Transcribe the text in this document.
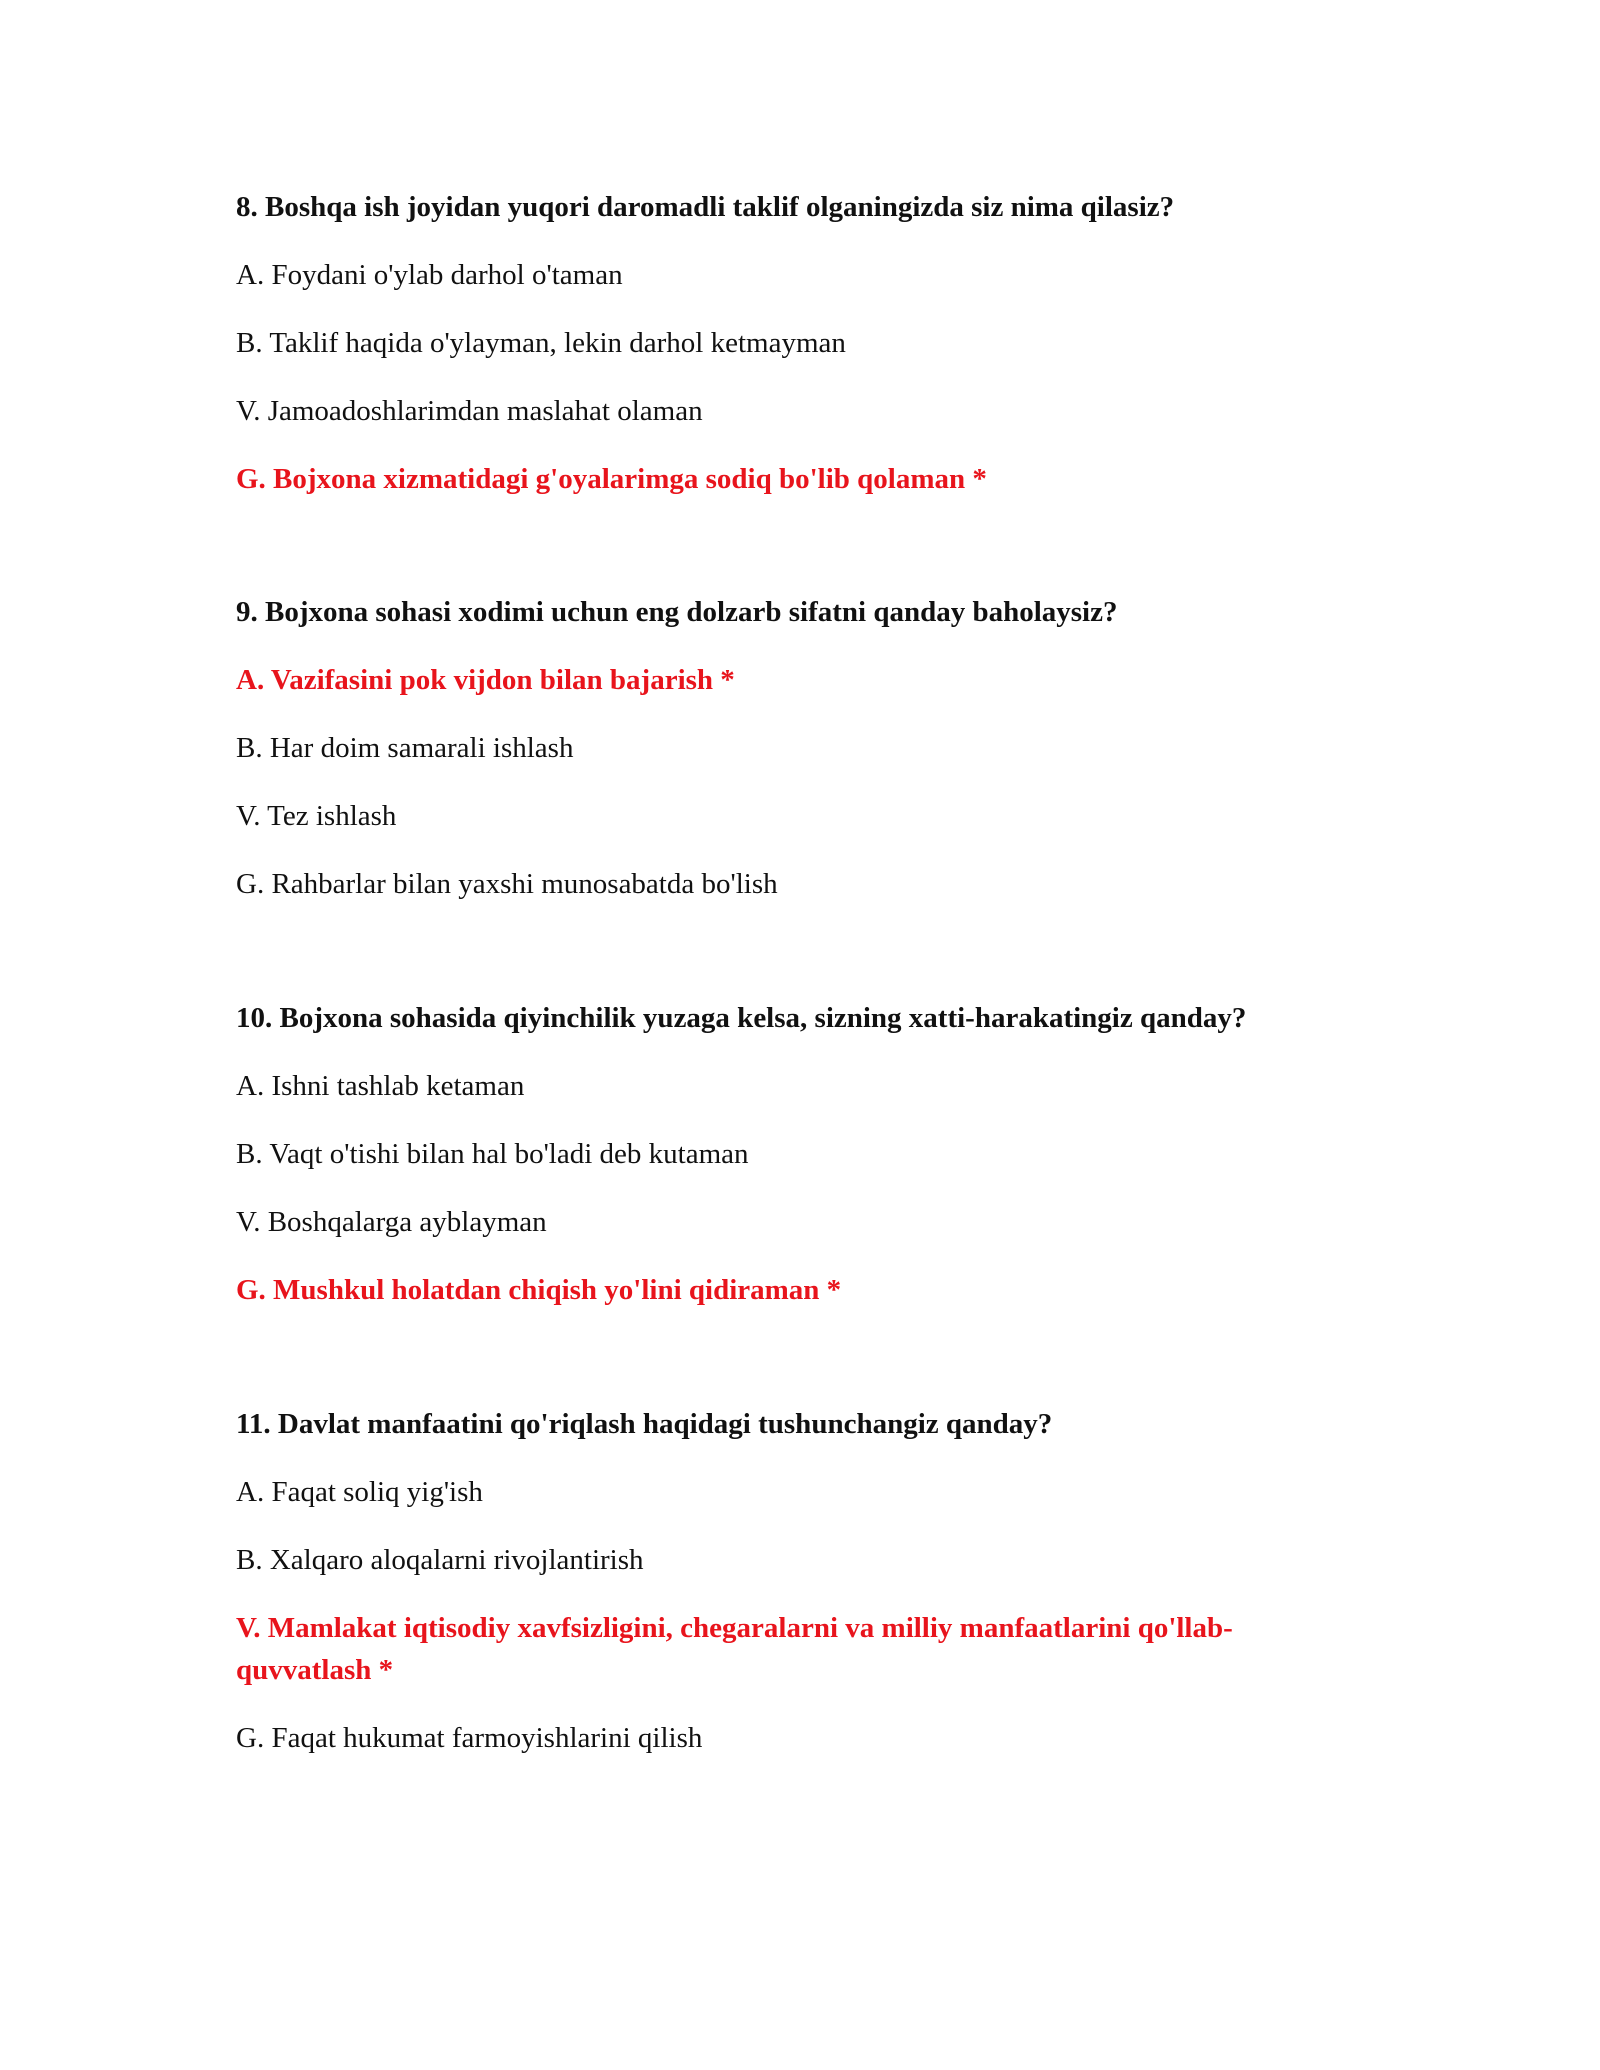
8. Boshqa ish joyidan yuqori daromadli taklif olganingizda siz nima qilasiz?

A. Foydani o'ylab darhol o'taman

B. Taklif haqida o'ylayman, lekin darhol ketmayman

V. Jamoadoshlarimdan maslahat olaman

G. Bojxona xizmatidagi g'oyalarimga sodiq bo'lib qolaman *

9. Bojxona sohasi xodimi uchun eng dolzarb sifatni qanday baholaysiz?

A. Vazifasini pok vijdon bilan bajarish *

B. Har doim samarali ishlash

V. Tez ishlash

G. Rahbarlar bilan yaxshi munosabatda bo'lish

10. Bojxona sohasida qiyinchilik yuzaga kelsa, sizning xatti-harakatingiz qanday?

A. Ishni tashlab ketaman

B. Vaqt o'tishi bilan hal bo'ladi deb kutaman

V. Boshqalarga ayblayman

G. Mushkul holatdan chiqish yo'lini qidiraman *

11. Davlat manfaatini qo'riqlash haqidagi tushunchangiz qanday?

A. Faqat soliq yig'ish

B. Xalqaro aloqalarni rivojlantirish

V. Mamlakat iqtisodiy xavfsizligini, chegaralarni va milliy manfaatlarini qo'llab-quvvatlash *

G. Faqat hukumat farmoyishlarini qilish
